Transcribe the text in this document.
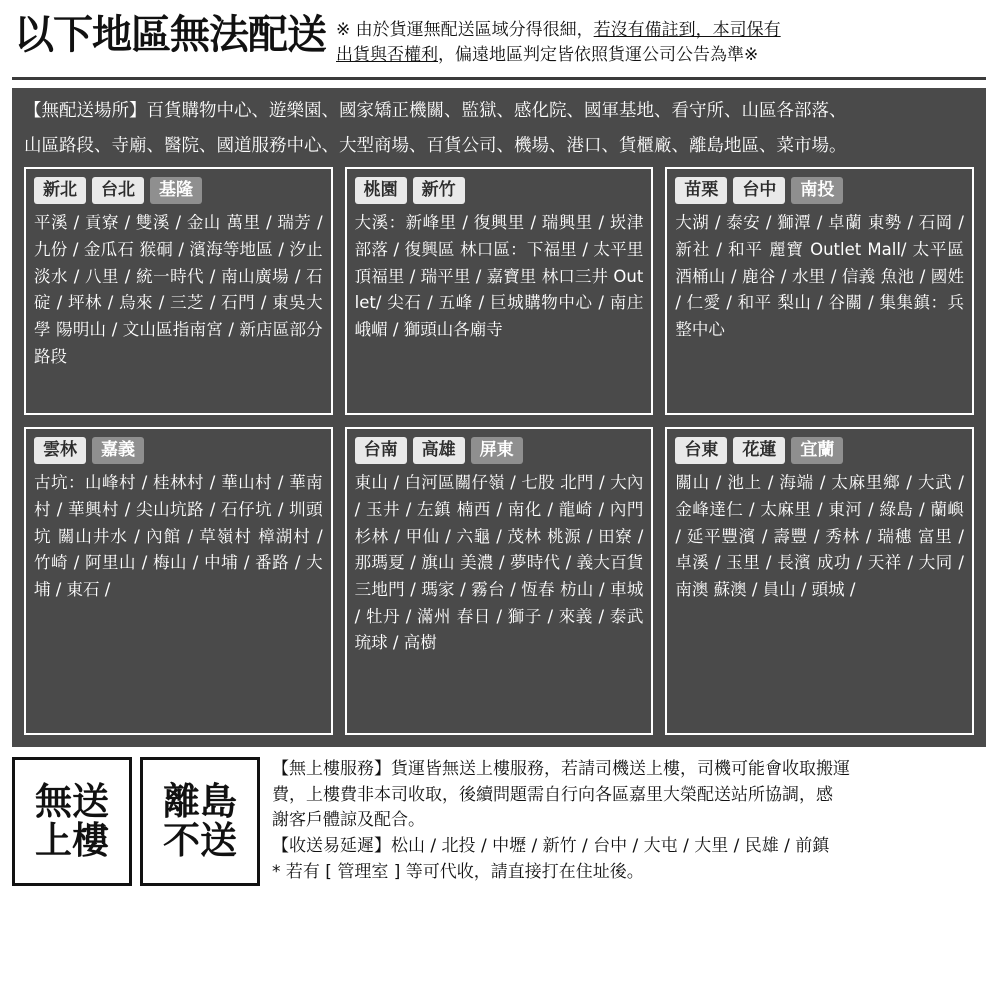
以下地區無法配送 ※ 由於貨運無配送區域分得很細，若沒有備註到，本司保有
出貨與否權利，偏遠地區判定皆依照貨運公司公告為準※
【無配送場所】百貨購物中心、遊樂園、國家矯正機關、監獄、感化院、國軍基地、看守所、山區各部落、
山區路段、寺廟、醫院、國道服務中心、大型商場、百貨公司、機場、港口、貨櫃廠、離島地區、菜市場。
新北	台北	基隆
平溪 / 貢寮 / 雙溪 / 金山 萬里 / 瑞芳 / 九份 / 金瓜石 猴硐 / 濱海等地區 / 汐止 淡水 / 八里 / 統一時代 / 南山廣場 / 石碇 / 坪林 / 烏來 / 三芝 / 石門 / 東吳大學 陽明山 / 文山區指南宮 / 新店區部分路段
桃園	新竹
大溪：新峰里 / 復興里 / 瑞興里 / 崁津部落 / 復興區 林口區：下福里 / 太平里 頂福里 / 瑞平里 / 嘉寶里 林口三井 Outlet/ 尖石 / 五峰 / 巨城購物中心 / 南庄 峨嵋 / 獅頭山各廟寺
苗栗	台中	南投
大湖 / 泰安 / 獅潭 / 卓蘭 東勢 / 石岡 / 新社 / 和平 麗寶 Outlet Mall/ 太平區 酒桶山 / 鹿谷 / 水里 / 信義 魚池 / 國姓 / 仁愛 / 和平 梨山 / 谷關 / 集集鎮：兵整中心
雲林	嘉義
古坑：山峰村 / 桂林村 / 華山村 / 華南村 / 華興村 / 尖山坑路 / 石仔坑 / 圳頭坑 關山井水 / 內館 / 草嶺村 樟湖村 / 竹崎 / 阿里山 / 梅山 / 中埔 / 番路 / 大埔 / 東石 /
台南	高雄	屏東
東山 / 白河區關仔嶺 / 七股 北門 / 大內 / 玉井 / 左鎮 楠西 / 南化 / 龍崎 / 內門 杉林 / 甲仙 / 六龜 / 茂林 桃源 / 田寮 / 那瑪夏 / 旗山 美濃 / 夢時代 / 義大百貨 三地門 / 瑪家 / 霧台 / 恆春 枋山 / 車城 / 牡丹 / 滿州 春日 / 獅子 / 來義 / 泰武 琉球 / 高樹
台東	花蓮	宜蘭
關山 / 池上 / 海端 / 太麻里鄉 / 大武 / 金峰達仁 / 太麻里 / 東河 / 綠島 / 蘭嶼 / 延平豐濱 / 壽豐 / 秀林 / 瑞穗 富里 / 卓溪 / 玉里 / 長濱 成功 / 天祥 / 大同 / 南澳 蘇澳 / 員山 / 頭城 /
無送
上樓
離島
不送

【無上樓服務】貨運皆無送上樓服務，若請司機送上樓，司機可能會收取搬運

費，上樓費非本司收取，後續問題需自行向各區嘉里大榮配送站所協調，感

謝客戶體諒及配合。

【收送易延遲】松山 / 北投 / 中壢 / 新竹 / 台中 / 大屯 / 大里 / 民雄 / 前鎮

* 若有 [ 管理室 ] 等可代收，請直接打在住址後。
